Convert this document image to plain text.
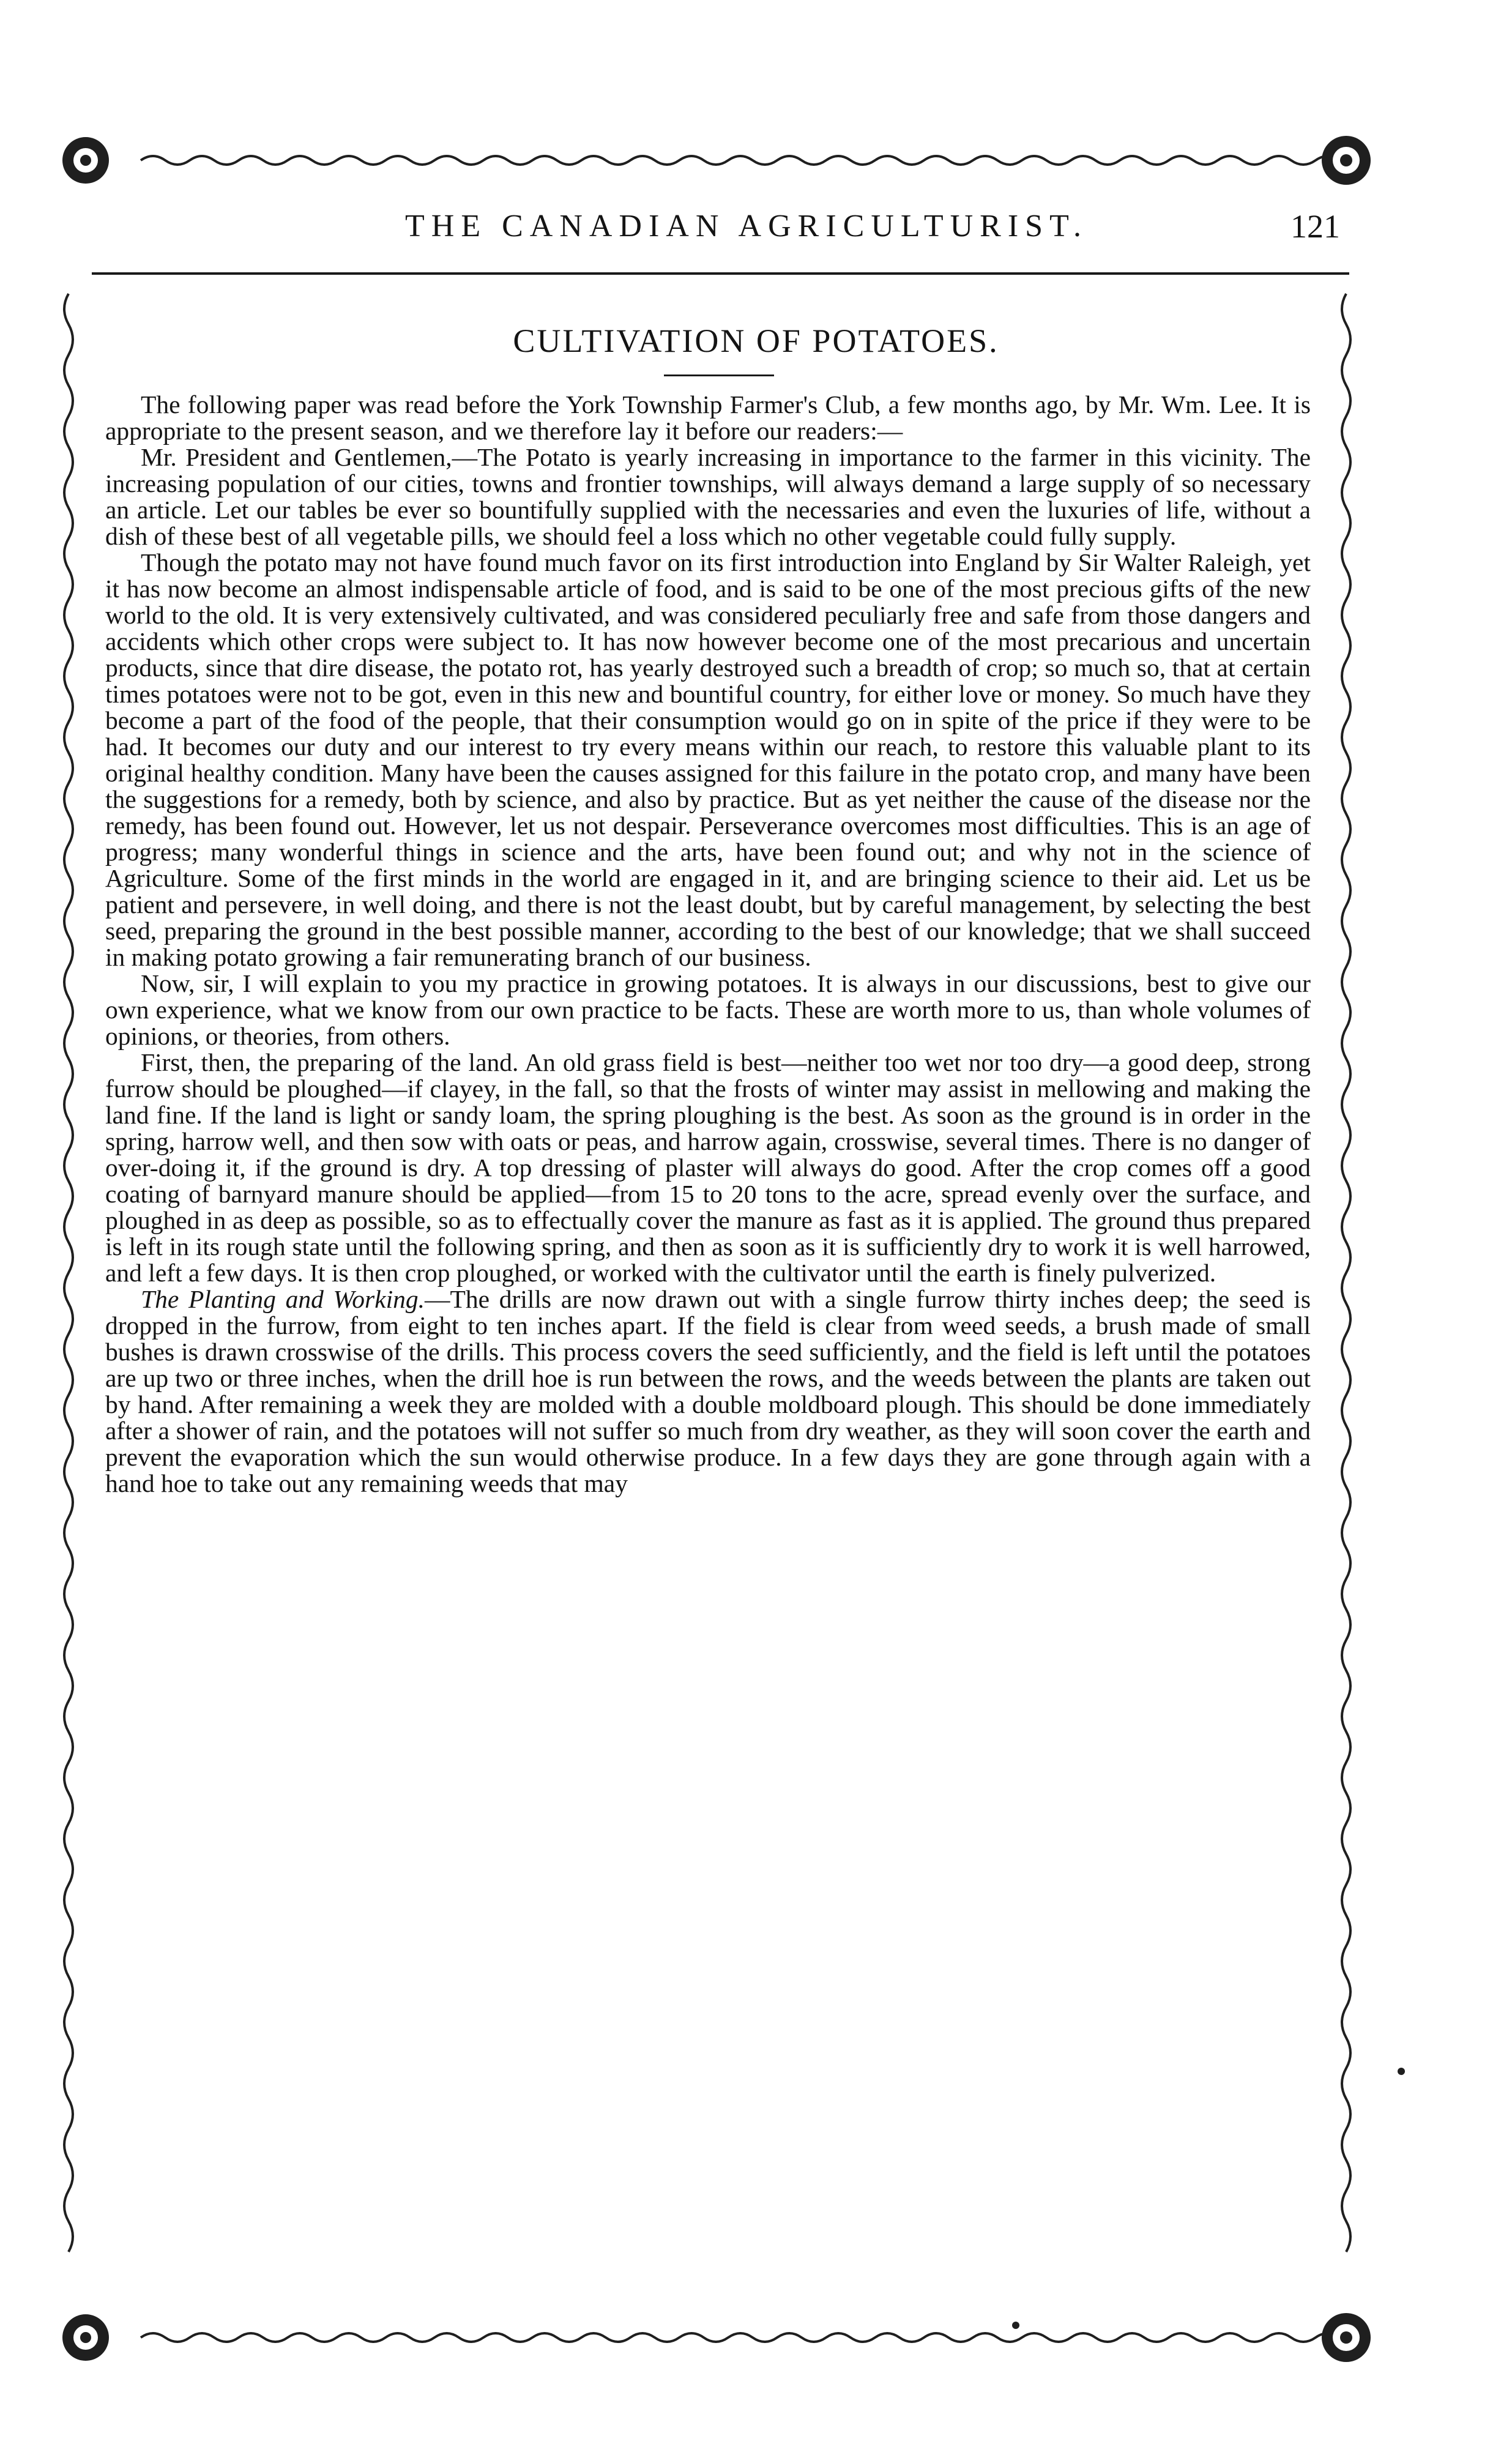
THE CANADIAN AGRICULTURIST.	121
CULTIVATION OF POTATOES.

The following paper was read before the York Township Farmer's Club, a few months ago, by Mr. Wm. Lee. It is appropriate to the present season, and we therefore lay it before our readers:—

Mr. President and Gentlemen,—The Potato is yearly increasing in importance to the farmer in this vicinity. The increasing population of our cities, towns and frontier townships, will always demand a large supply of so necessary an article. Let our tables be ever so bountifully supplied with the necessaries and even the luxuries of life, without a dish of these best of all vegetable pills, we should feel a loss which no other vegetable could fully supply.

Though the potato may not have found much favor on its first introduction into England by Sir Walter Raleigh, yet it has now become an almost indispensable article of food, and is said to be one of the most precious gifts of the new world to the old. It is very extensively cultivated, and was considered peculiarly free and safe from those dangers and accidents which other crops were subject to. It has now however become one of the most precarious and uncertain products, since that dire disease, the potato rot, has yearly destroyed such a breadth of crop; so much so, that at certain times potatoes were not to be got, even in this new and bountiful country, for either love or money. So much have they become a part of the food of the people, that their consumption would go on in spite of the price if they were to be had. It becomes our duty and our interest to try every means within our reach, to restore this valuable plant to its original healthy condition. Many have been the causes assigned for this failure in the potato crop, and many have been the suggestions for a remedy, both by science, and also by practice. But as yet neither the cause of the disease nor the remedy, has been found out. However, let us not despair. Perseverance overcomes most difficulties. This is an age of progress; many wonderful things in science and the arts, have been found out; and why not in the science of Agriculture. Some of the first minds in the world are engaged in it, and are bringing science to their aid. Let us be patient and persevere, in well doing, and there is not the least doubt, but by careful management, by selecting the best seed, preparing the ground in the best possible manner, according to the best of our knowledge; that we shall succeed in making potato growing a fair remunerating branch of our business.

Now, sir, I will explain to you my practice in growing potatoes. It is always in our discussions, best to give our own experience, what we know from our own practice to be facts. These are worth more to us, than whole volumes of opinions, or theories, from others.

First, then, the preparing of the land. An old grass field is best—neither too wet nor too dry—a good deep, strong furrow should be ploughed—if clayey, in the fall, so that the frosts of winter may assist in mellowing and making the land fine. If the land is light or sandy loam, the spring ploughing is the best. As soon as the ground is in order in the spring, harrow well, and then sow with oats or peas, and harrow again, crosswise, several times. There is no danger of over-doing it, if the ground is dry. A top dressing of plaster will always do good. After the crop comes off a good coating of barnyard manure should be applied—from 15 to 20 tons to the acre, spread evenly over the surface, and ploughed in as deep as possible, so as to effectually cover the manure as fast as it is applied. The ground thus prepared is left in its rough state until the following spring, and then as soon as it is sufficiently dry to work it is well harrowed, and left a few days. It is then crop ploughed, or worked with the cultivator until the earth is finely pulverized.

The Planting and Working.—The drills are now drawn out with a single furrow thirty inches deep; the seed is dropped in the furrow, from eight to ten inches apart. If the field is clear from weed seeds, a brush made of small bushes is drawn crosswise of the drills. This process covers the seed sufficiently, and the field is left until the potatoes are up two or three inches, when the drill hoe is run between the rows, and the weeds between the plants are taken out by hand. After remaining a week they are molded with a double moldboard plough. This should be done immediately after a shower of rain, and the potatoes will not suffer so much from dry weather, as they will soon cover the earth and prevent the evaporation which the sun would otherwise produce. In a few days they are gone through again with a hand hoe to take out any remaining weeds that may
